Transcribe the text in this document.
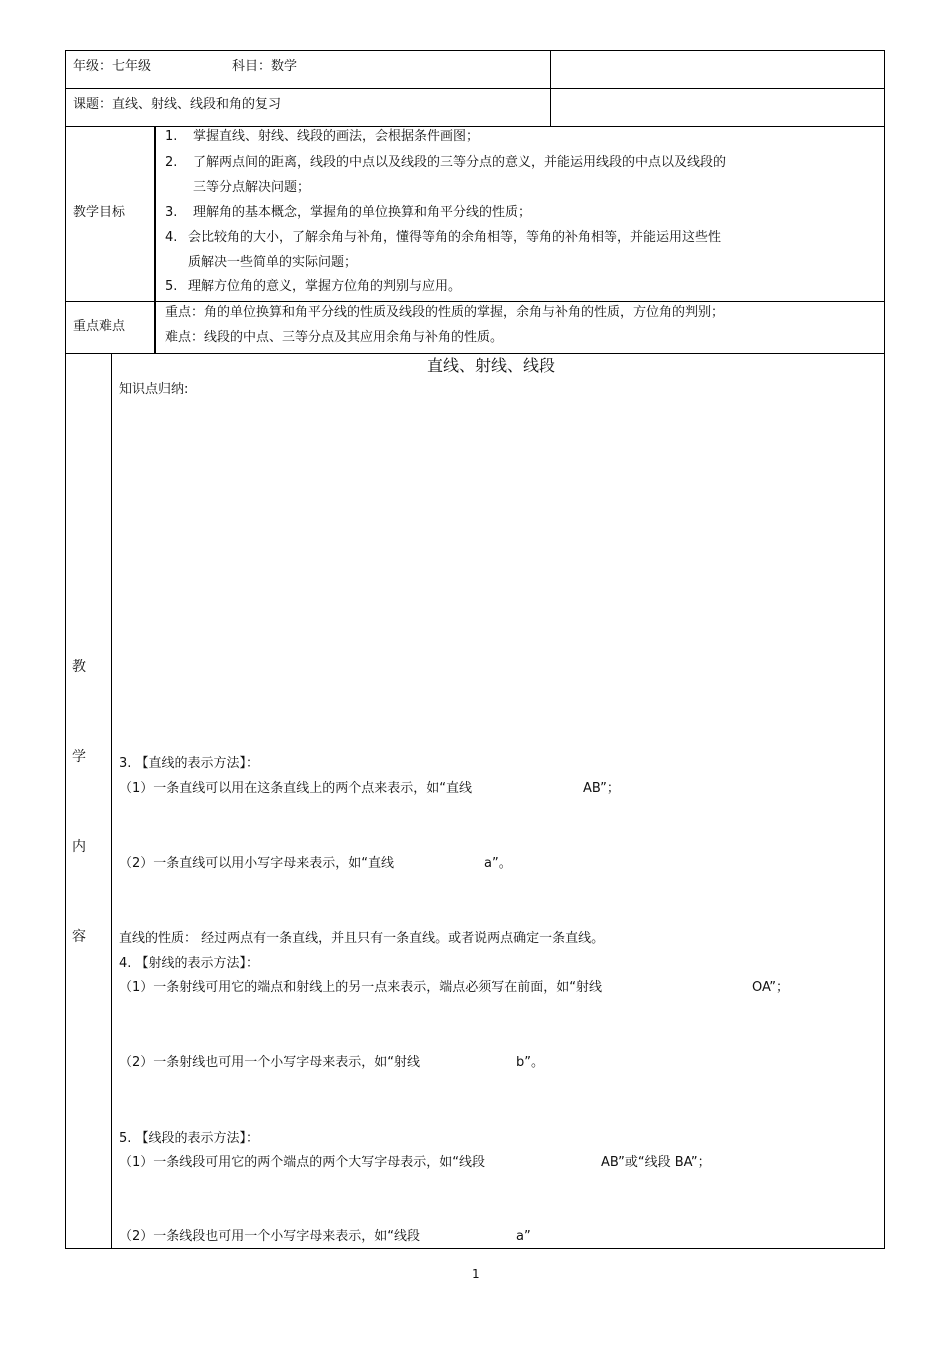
年级：七年级	科目：数学
课题：直线、射线、线段和角的复习
教学目标
1. 掌握直线、射线、线段的画法，会根据条件画图；
2. 了解两点间的距离，线段的中点以及线段的三等分点的意义，并能运用线段的中点以及线段的
三等分点解决问题；
3. 理解角的基本概念，掌握角的单位换算和角平分线的性质；
4. 会比较角的大小，了解余角与补角，懂得等角的余角相等，等角的补角相等，并能运用这些性
质解决一些简单的实际问题；
5. 理解方位角的意义，掌握方位角的判别与应用。
重点难点
重点：角的单位换算和角平分线的性质及线段的性质的掌握，余角与补角的性质，方位角的判别；
难点：线段的中点、三等分点及其应用余角与补角的性质。
教
学
内
容
直线、射线、线段
知识点归纳:
3. 【直线的表示方法】：
（1）一条直线可以用在这条直线上的两个点来表示，如“直线	AB”；
（2）一条直线可以用小写字母来表示，如“直线	a”。
直线的性质： 经过两点有一条直线，并且只有一条直线。或者说两点确定一条直线。
4. 【射线的表示方法】：
（1）一条射线可用它的端点和射线上的另一点来表示，端点必须写在前面，如“射线	OA”；
（2）一条射线也可用一个小写字母来表示，如“射线	b”。
5. 【线段的表示方法】：
（1）一条线段可用它的两个端点的两个大写字母表示，如“线段	AB”或“线段 BA”；
（2）一条线段也可用一个小写字母来表示，如“线段	a”
1
